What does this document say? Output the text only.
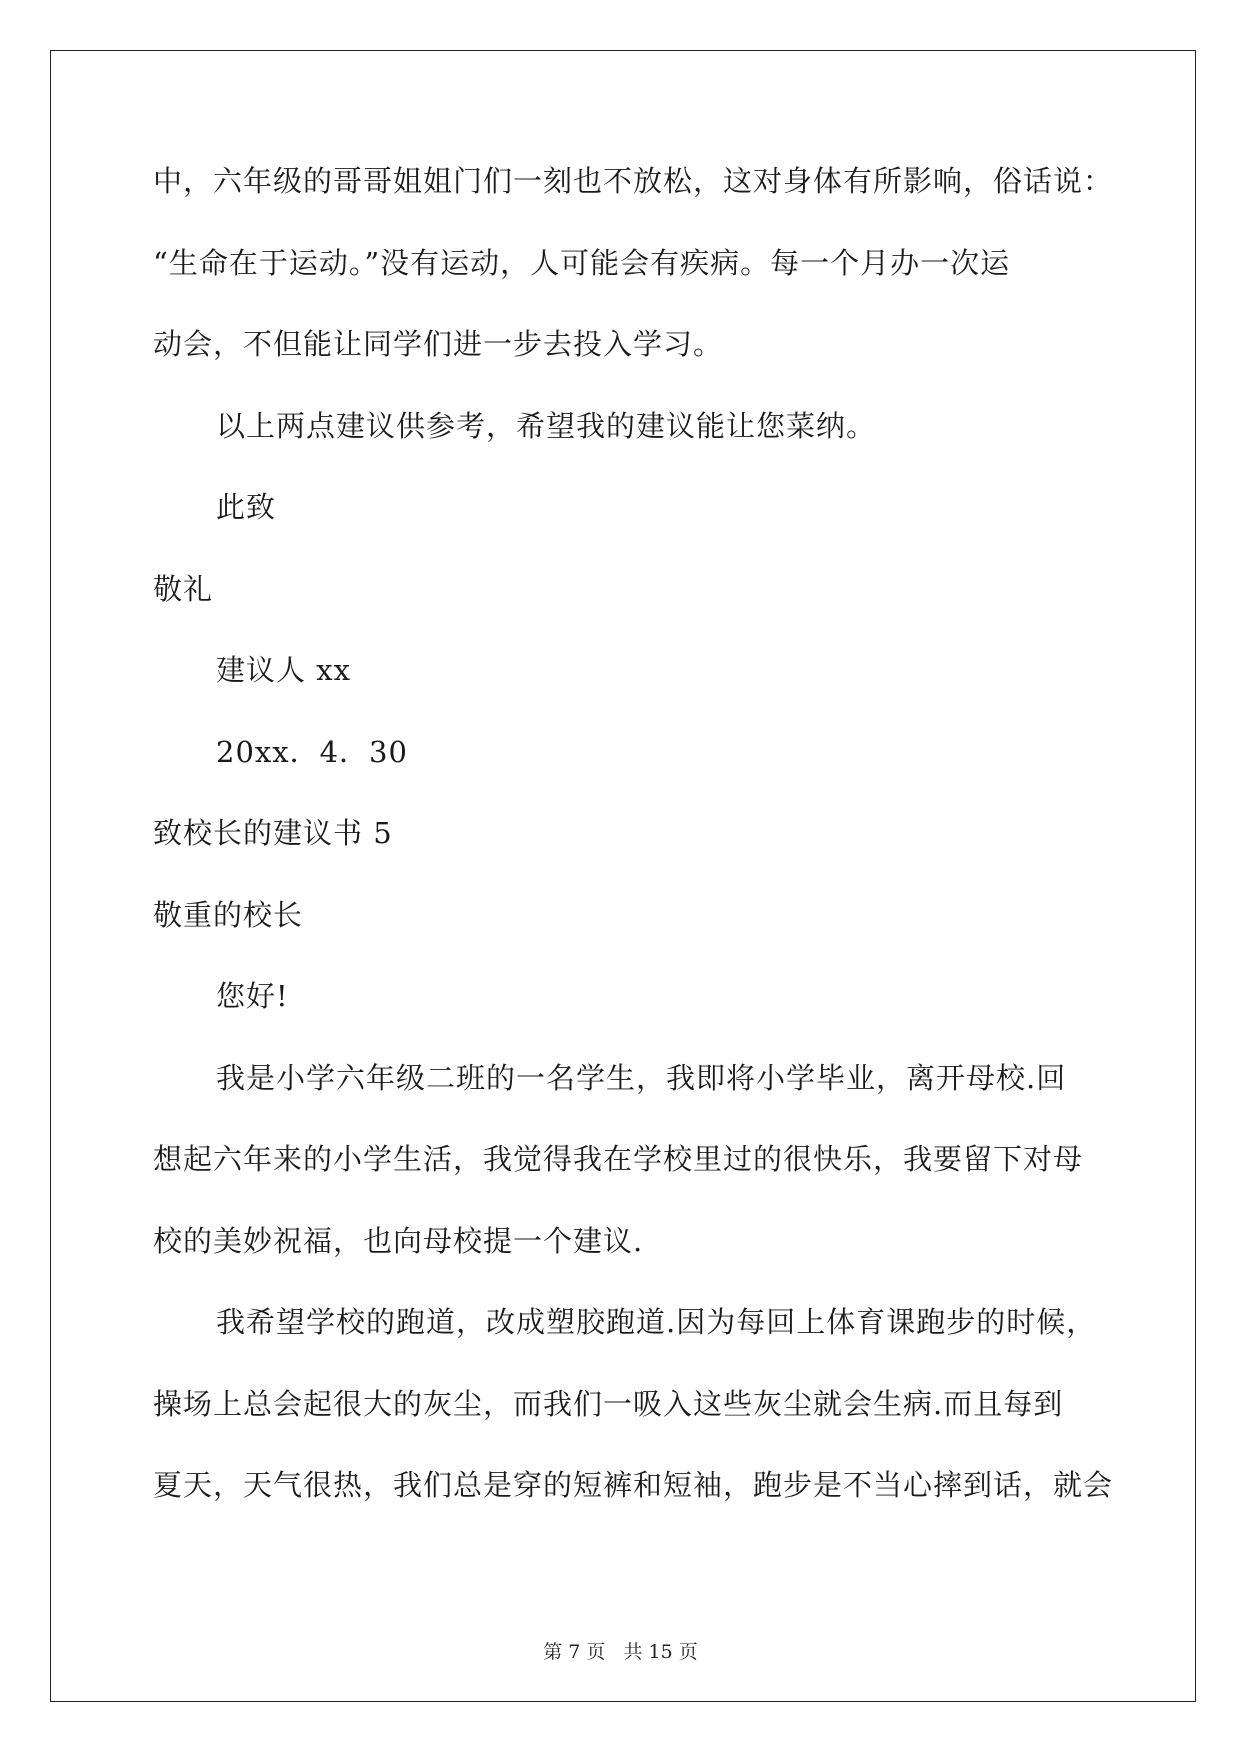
中，六年级的哥哥姐姐门们一刻也不放松，这对身体有所影响，俗话说：
“生命在于运动。”没有运动，人可能会有疾病。每一个月办一次运
动会，不但能让同学们进一步去投入学习。
以上两点建议供参考，希望我的建议能让您菜纳。
此致
敬礼
建议人 xx
20xx．4．30
致校长的建议书 5
敬重的校长
您好!
我是小学六年级二班的一名学生，我即将小学毕业，离开母校.回
想起六年来的小学生活，我觉得我在学校里过的很快乐，我要留下对母
校的美妙祝福，也向母校提一个建议.
我希望学校的跑道，改成塑胶跑道.因为每回上体育课跑步的时候，
操场上总会起很大的灰尘，而我们一吸入这些灰尘就会生病.而且每到
夏天，天气很热，我们总是穿的短裤和短袖，跑步是不当心摔到话，就会
第 7 页 共 15 页
